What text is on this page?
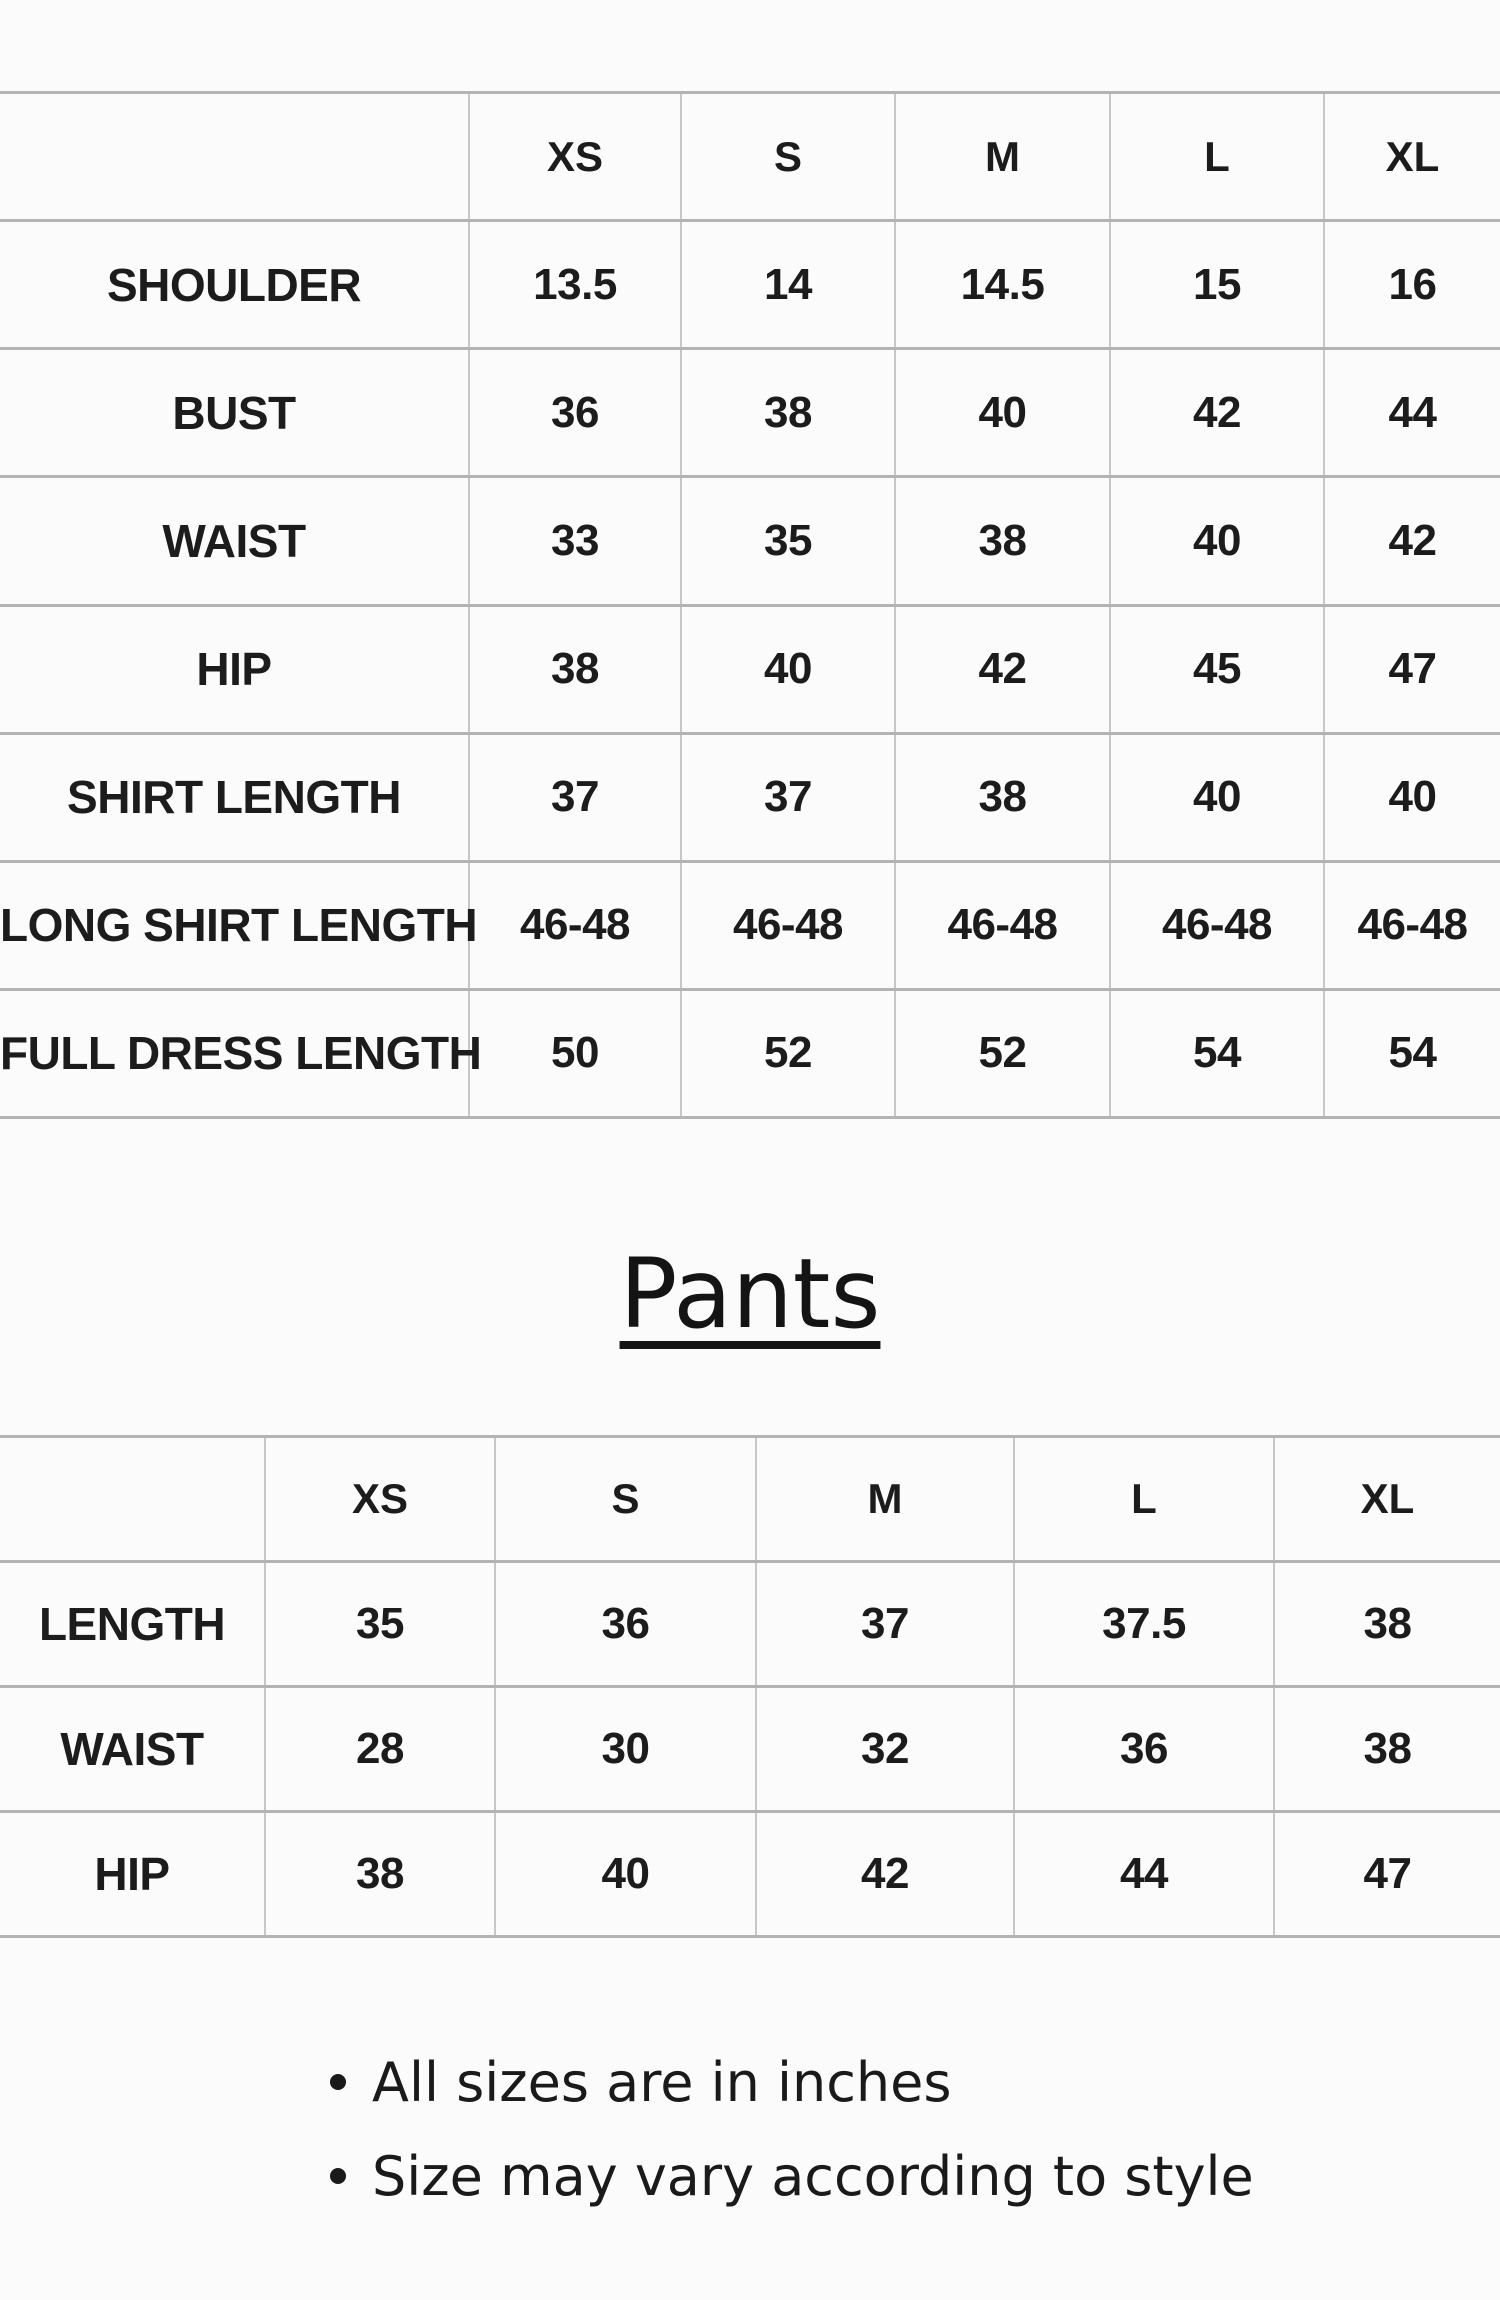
	XS	S	M	L	XL
SHOULDER	13.5	14	14.5	15	16
BUST	36	38	40	42	44
WAIST	33	35	38	40	42
HIP	38	40	42	45	47
SHIRT LENGTH	37	37	38	40	40
LONG SHIRT LENGTH	46-48	46-48	46-48	46-48	46-48
FULL DRESS LENGTH	50	52	52	54	54
Pants
	XS	S	M	L	XL
LENGTH	35	36	37	37.5	38
WAIST	28	30	32	36	38
HIP	38	40	42	44	47
All sizes are in inches
Size may vary according to style
